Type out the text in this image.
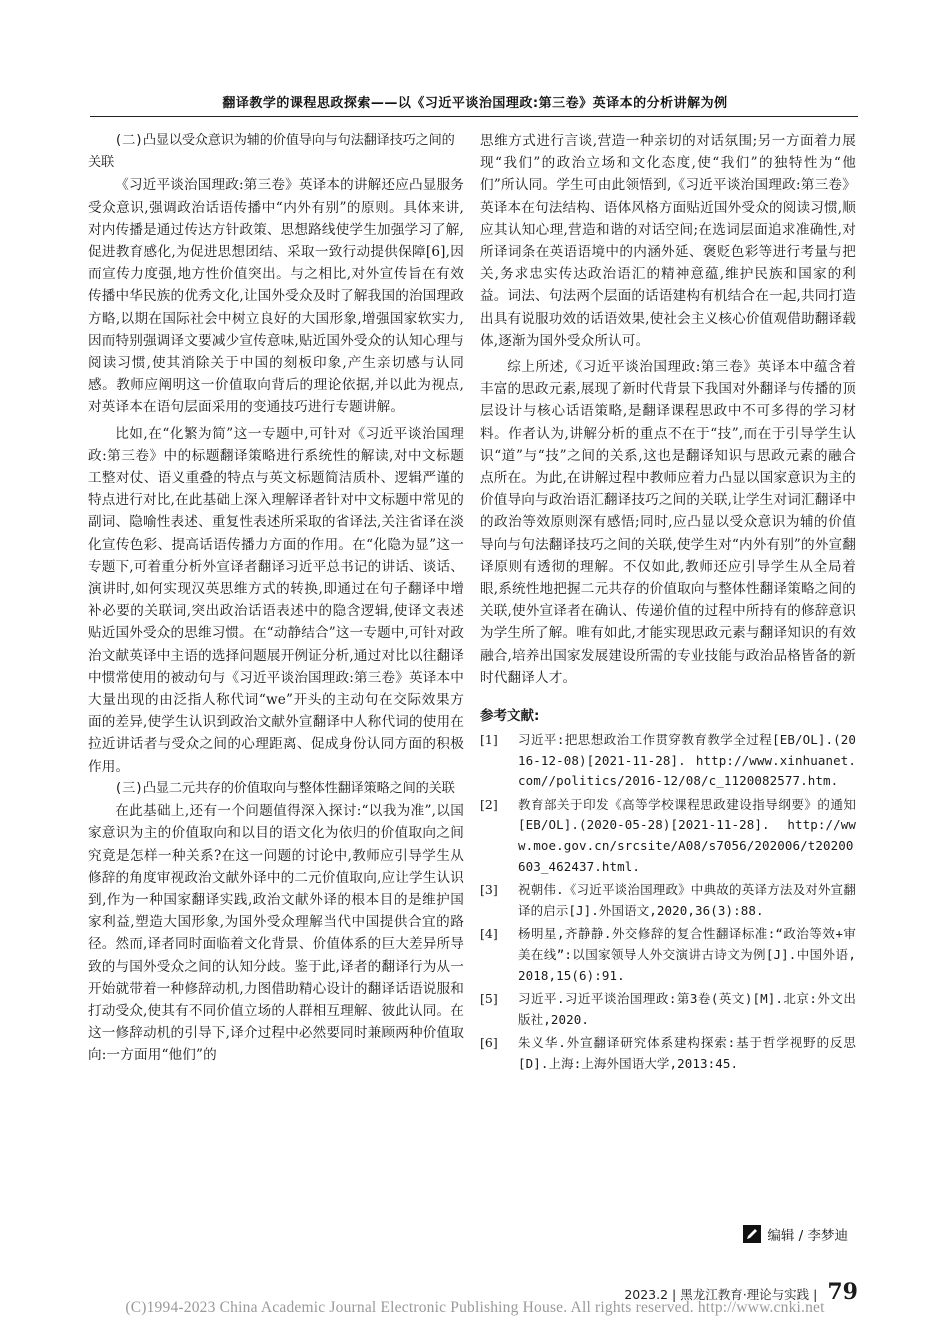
翻译教学的课程思政探索——以《习近平谈治国理政:第三卷》英译本的分析讲解为例
(二)凸显以受众意识为辅的价值导向与句法翻译技巧之间的关联

《习近平谈治国理政:第三卷》英译本的讲解还应凸显服务受众意识,强调政治话语传播中“内外有别”的原则。具体来讲,对内传播是通过传达方针政策、思想路线使学生加强学习了解,促进教育感化,为促进思想团结、采取一致行动提供保障[6],因而宣传力度强,地方性价值突出。与之相比,对外宣传旨在有效传播中华民族的优秀文化,让国外受众及时了解我国的治国理政方略,以期在国际社会中树立良好的大国形象,增强国家软实力,因而特别强调译文要减少宣传意味,贴近国外受众的认知心理与阅读习惯,使其消除关于中国的刻板印象,产生亲切感与认同感。教师应阐明这一价值取向背后的理论依据,并以此为视点,对英译本在语句层面采用的变通技巧进行专题讲解。

比如,在“化繁为简”这一专题中,可针对《习近平谈治国理政:第三卷》中的标题翻译策略进行系统性的解读,对中文标题工整对仗、语义重叠的特点与英文标题简洁质朴、逻辑严谨的特点进行对比,在此基础上深入理解译者针对中文标题中常见的副词、隐喻性表述、重复性表述所采取的省译法,关注省译在淡化宣传色彩、提高话语传播力方面的作用。在“化隐为显”这一专题下,可着重分析外宣译者翻译习近平总书记的讲话、谈话、演讲时,如何实现汉英思维方式的转换,即通过在句子翻译中增补必要的关联词,突出政治话语表述中的隐含逻辑,使译文表述贴近国外受众的思维习惯。在“动静结合”这一专题中,可针对政治文献英译中主语的选择问题展开例证分析,通过对比以往翻译中惯常使用的被动句与《习近平谈治国理政:第三卷》英译本中大量出现的由泛指人称代词“we”开头的主动句在交际效果方面的差异,使学生认识到政治文献外宣翻译中人称代词的使用在拉近讲话者与受众之间的心理距离、促成身份认同方面的积极作用。

(三)凸显二元共存的价值取向与整体性翻译策略之间的关联

在此基础上,还有一个问题值得深入探讨:“以我为准”,以国家意识为主的价值取向和以目的语文化为依归的价值取向之间究竟是怎样一种关系?在这一问题的讨论中,教师应引导学生从修辞的角度审视政治文献外译中的二元价值取向,应让学生认识到,作为一种国家翻译实践,政治文献外译的根本目的是维护国家利益,塑造大国形象,为国外受众理解当代中国提供合宜的路径。然而,译者同时面临着文化背景、价值体系的巨大差异所导致的与国外受众之间的认知分歧。鉴于此,译者的翻译行为从一开始就带着一种修辞动机,力图借助精心设计的翻译话语说服和打动受众,使其有不同价值立场的人群相互理解、彼此认同。在这一修辞动机的引导下,译介过程中必然要同时兼顾两种价值取向:一方面用“他们”的

思维方式进行言谈,营造一种亲切的对话氛围;另一方面着力展现“我们”的政治立场和文化态度,使“我们”的独特性为“他们”所认同。学生可由此领悟到,《习近平谈治国理政:第三卷》英译本在句法结构、语体风格方面贴近国外受众的阅读习惯,顺应其认知心理,营造和谐的对话空间;在选词层面追求准确性,对所译词条在英语语境中的内涵外延、褒贬色彩等进行考量与把关,务求忠实传达政治语汇的精神意蕴,维护民族和国家的利益。词法、句法两个层面的话语建构有机结合在一起,共同打造出具有说服功效的话语效果,使社会主义核心价值观借助翻译载体,逐渐为国外受众所认可。

综上所述,《习近平谈治国理政:第三卷》英译本中蕴含着丰富的思政元素,展现了新时代背景下我国对外翻译与传播的顶层设计与核心话语策略,是翻译课程思政中不可多得的学习材料。作者认为,讲解分析的重点不在于“技”,而在于引导学生认识“道”与“技”之间的关系,这也是翻译知识与思政元素的融合点所在。为此,在讲解过程中教师应着力凸显以国家意识为主的价值导向与政治语汇翻译技巧之间的关联,让学生对词汇翻译中的政治等效原则深有感悟;同时,应凸显以受众意识为辅的价值导向与句法翻译技巧之间的关联,使学生对“内外有别”的外宣翻译原则有透彻的理解。不仅如此,教师还应引导学生从全局着眼,系统性地把握二元共存的价值取向与整体性翻译策略之间的关联,使外宣译者在确认、传递价值的过程中所持有的修辞意识为学生所了解。唯有如此,才能实现思政元素与翻译知识的有效融合,培养出国家发展建设所需的专业技能与政治品格皆备的新时代翻译人才。

参考文献:
[1] 习近平:把思想政治工作贯穿教育教学全过程[EB/OL].(2016-12-08)[2021-11-28]. http://www.xinhuanet.com//politics/2016-12/08/c_1120082577.htm.
[2] 教育部关于印发《高等学校课程思政建设指导纲要》的通知[EB/OL].(2020-05-28)[2021-11-28]. http://www.moe.gov.cn/srcsite/A08/s7056/202006/t20200603_462437.html.
[3] 祝朝伟.《习近平谈治国理政》中典故的英译方法及对外宣翻译的启示[J].外国语文,2020,36(3):88.
[4] 杨明星,齐静静.外交修辞的复合性翻译标准:“政治等效+审美在线”:以国家领导人外交演讲古诗文为例[J].中国外语,2018,15(6):91.
[5] 习近平.习近平谈治国理政:第3卷(英文)[M].北京:外文出版社,2020.
[6] 朱义华.外宣翻译研究体系建构探索:基于哲学视野的反思[D].上海:上海外国语大学,2013:45.
编辑 / 李梦迪
2023.2 | 黑龙江教育·理论与实践 | 79
(C)1994-2023 China Academic Journal Electronic Publishing House. All rights reserved. http://www.cnki.net
